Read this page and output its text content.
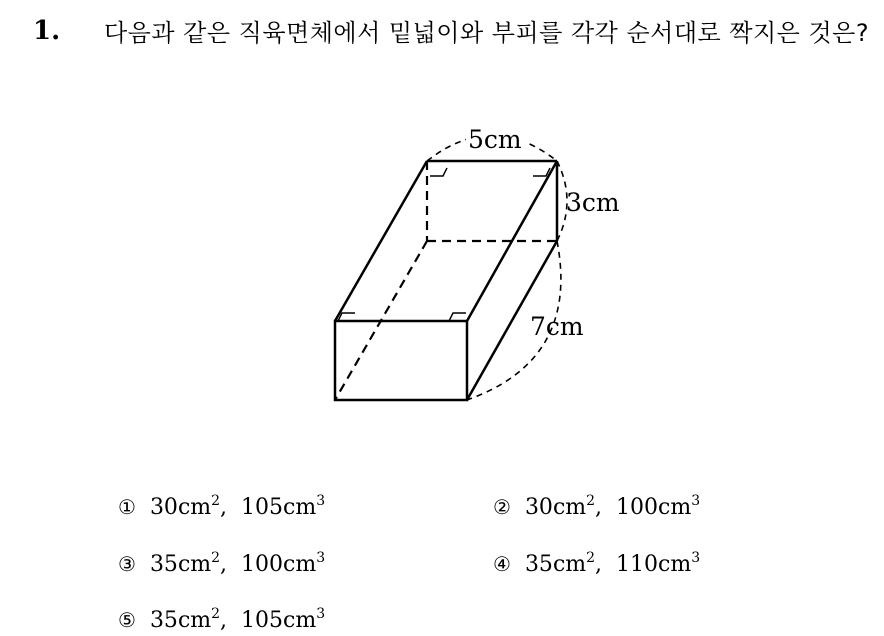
1. 다음과 같은 직육면체에서 밑넓이와 부피를 각각 순서대로 짝지은 것은?
5cm
3cm
7cm
① $30cm^2$, $105cm^3$	② $30cm^2$, $100cm^3$
③ $35cm^2$, $100cm^3$	④ $35cm^2$, $110cm^3$
⑤ $35cm^2$, $105cm^3$
